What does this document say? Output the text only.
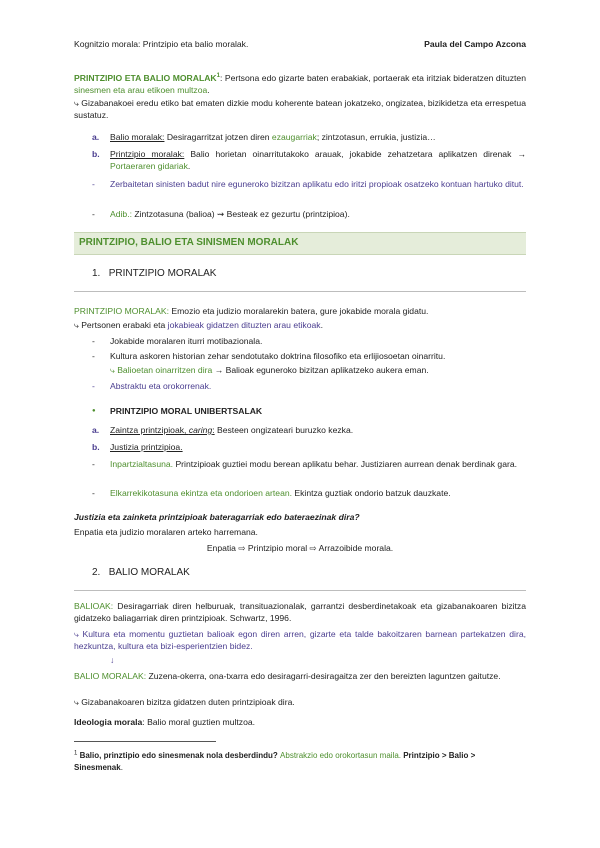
Kognitzio morala: Printzipio eta balio moralak.	Paula del Campo Azcona
PRINTZIPIO ETA BALIO MORALAK$^1$: Pertsona edo gizarte baten erabakiak, portaerak eta iritziak bideratzen dituzten sinesmen eta arau etikoen multzoa.
⤷ Gizabanakoei eredu etiko bat ematen dizkie modu koherente batean jokatzeko, ongizatea, bizikidetza eta errespetua sustatuz.
a.	Balio moralak: Desiragarritzat jotzen diren ezaugarriak; zintzotasun, errukia, justizia…
b.	Printzipio moralak: Balio horietan oinarritutakoko arauak, jokabide zehatzetara aplikatzen direnak → Portaeraren gidariak.
-	Zerbaitetan sinisten badut nire eguneroko bizitzan aplikatu edo iritzi propioak osatzeko kontuan hartuko ditut.
-	Adib.: Zintzotasuna (balioa) ⇝ Besteak ez gezurtu (printzipioa).
PRINTZIPIO, BALIO ETA SINISMEN MORALAK
1. PRINTZIPIO MORALAK
PRINTZIPIO MORALAK: Emozio eta judizio moralarekin batera, gure jokabide morala gidatu.
⤷ Pertsonen erabaki eta jokabieak gidatzen dituzten arau etikoak.
-	Jokabide moralaren iturri motibazionala.
-	Kultura askoren historian zehar sendotutako doktrina filosofiko eta erlijiosoetan oinarritu.
⤷ Balioetan oinarritzen dira → Balioak eguneroko bizitzan aplikatzeko aukera eman.
-	Abstraktu eta orokorrenak.
●	PRINTZIPIO MORAL UNIBERTSALAK
a.	Zaintza printzipioak, caring: Besteen ongizateari buruzko kezka.
b.	Justizia printzipioa.
-	Inpartzialtasuna. Printzipioak guztiei modu berean aplikatu behar. Justiziaren aurrean denak berdinak gara.
-	Elkarrekikotasuna ekintza eta ondorioen artean. Ekintza guztiak ondorio batzuk dauzkate.
Justizia eta zainketa printzipioak bateragarriak edo bateraezinak dira?
Enpatia eta judizio moralaren arteko harremana.
Enpatia ⇨ Printzipio moral ⇨ Arrazoibide morala.
2. BALIO MORALAK
BALIOAK: Desiragarriak diren helburuak, transituazionalak, garrantzi desberdinetakoak eta gizabanakoaren bizitza gidatzeko baliagarriak diren printzipioak. Schwartz, 1996.
⤷ Kultura eta momentu guztietan balioak egon diren arren, gizarte eta talde bakoitzaren barnean partekatzen dira, hezkuntza, kultura eta bizi-esperientzien bidez.
↓
BALIO MORALAK: Zuzena-okerra, ona-txarra edo desiragarri-desiragaitza zer den bereizten laguntzen gaitutze.
⤷ Gizabanakoaren bizitza gidatzen duten printzipioak dira.
Ideologia morala: Balio moral guztien multzoa.
$^1$ Balio, prinztipio edo sinesmenak nola desberdindu? Abstrakzio edo orokortasun maila. Printzipio > Balio > Sinesmenak.
